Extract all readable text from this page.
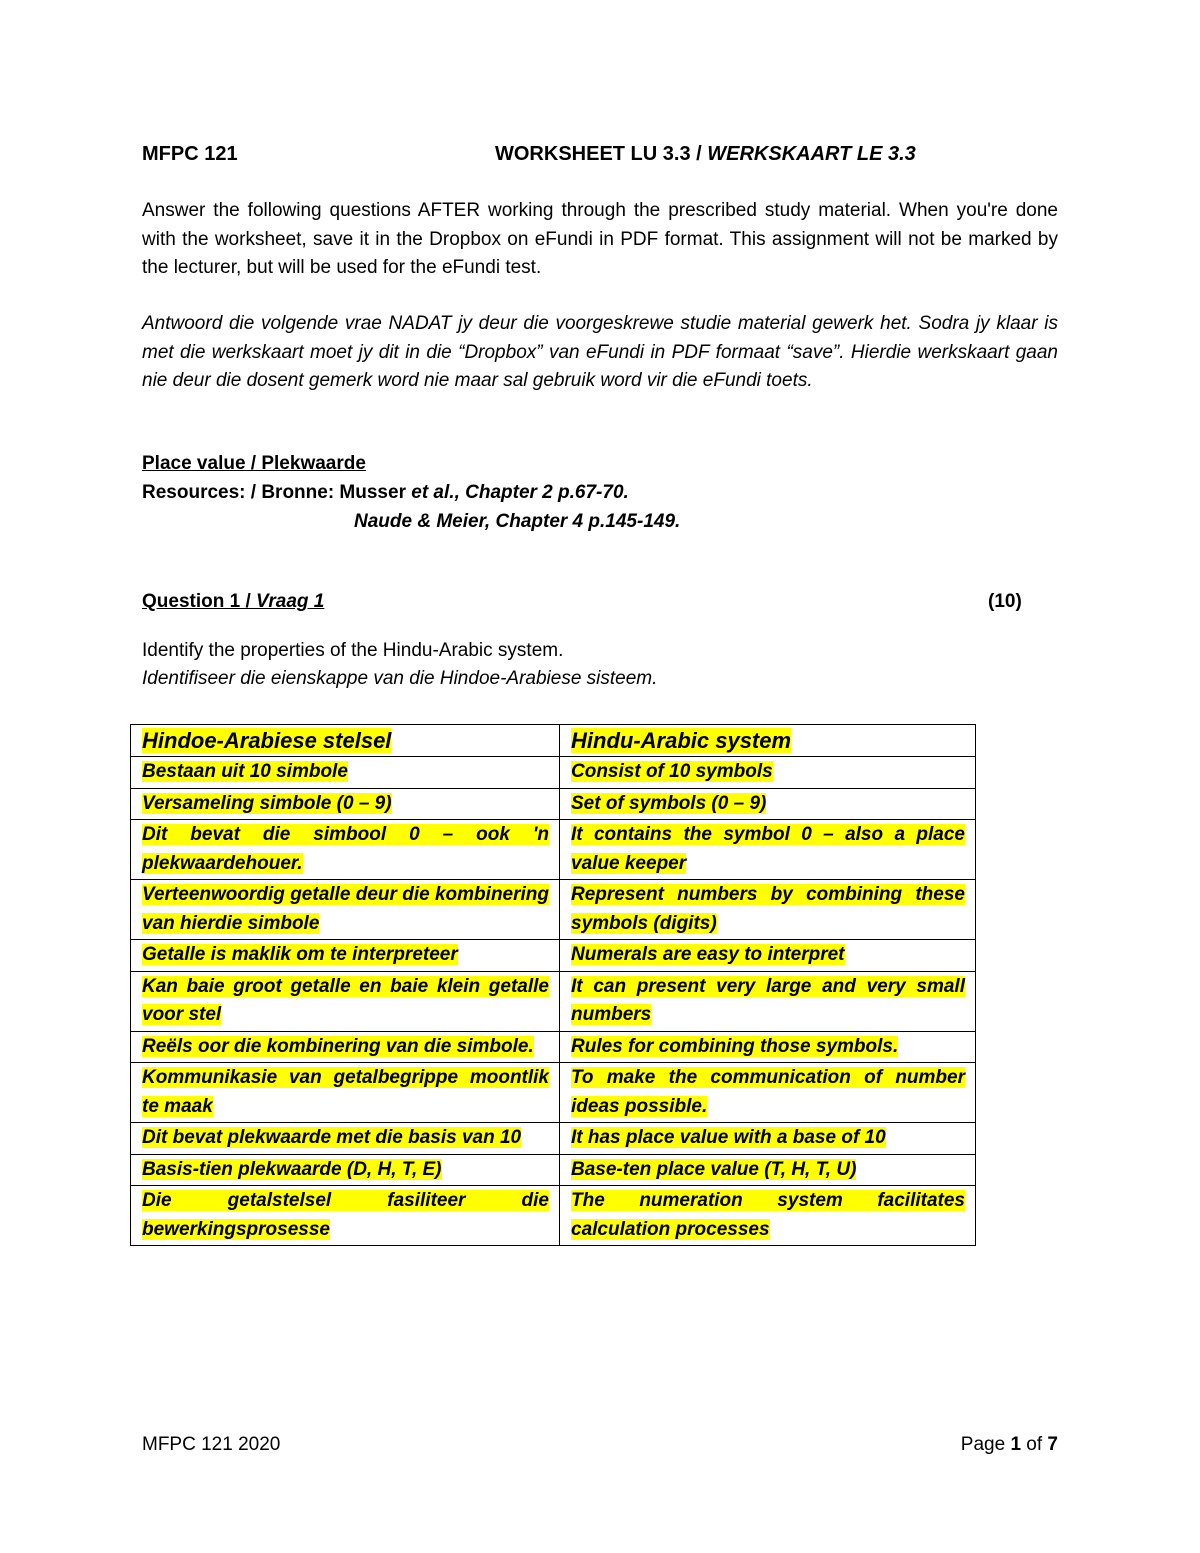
MFPC 121	WORKSHEET LU 3.3 / WERKSKAART LE 3.3
Answer the following questions AFTER working through the prescribed study material. When you're done with the worksheet, save it in the Dropbox on eFundi in PDF format. This assignment will not be marked by the lecturer, but will be used for the eFundi test.
Antwoord die volgende vrae NADAT jy deur die voorgeskrewe studie material gewerk het. Sodra jy klaar is met die werkskaart moet jy dit in die “Dropbox” van eFundi in PDF formaat “save”. Hierdie werkskaart gaan nie deur die dosent gemerk word nie maar sal gebruik word vir die eFundi toets.
Place value / Plekwaarde
Resources: / Bronne: Musser et al., Chapter 2 p.67-70.
Naude & Meier, Chapter 4 p.145-149.
Question 1 / Vraag 1	(10)
Identify the properties of the Hindu-Arabic system.
Identifiseer die eienskappe van die Hindoe-Arabiese sisteem.
Hindoe-Arabiese stelsel	Hindu-Arabic system
Bestaan uit 10 simbole	Consist of 10 symbols
Versameling simbole (0 – 9)	Set of symbols (0 – 9)
Dit bevat die simbool 0 – ook 'n plekwaardehouer.	It contains the symbol 0 – also a place value keeper
Verteenwoordig getalle deur die kombinering van hierdie simbole	Represent numbers by combining these symbols (digits)
Getalle is maklik om te interpreteer	Numerals are easy to interpret
Kan baie groot getalle en baie klein getalle voor stel	It can present very large and very small numbers
Reëls oor die kombinering van die simbole.	Rules for combining those symbols.
Kommunikasie van getalbegrippe moontlik te maak	To make the communication of number ideas possible.
Dit bevat plekwaarde met die basis van 10	It has place value with a base of 10
Basis-tien plekwaarde (D, H, T, E)	Base-ten place value (T, H, T, U)
Die getalstelsel fasiliteer die bewerkingsprosesse	The numeration system facilitates calculation processes
MFPC 121 2020	Page 1 of 7
